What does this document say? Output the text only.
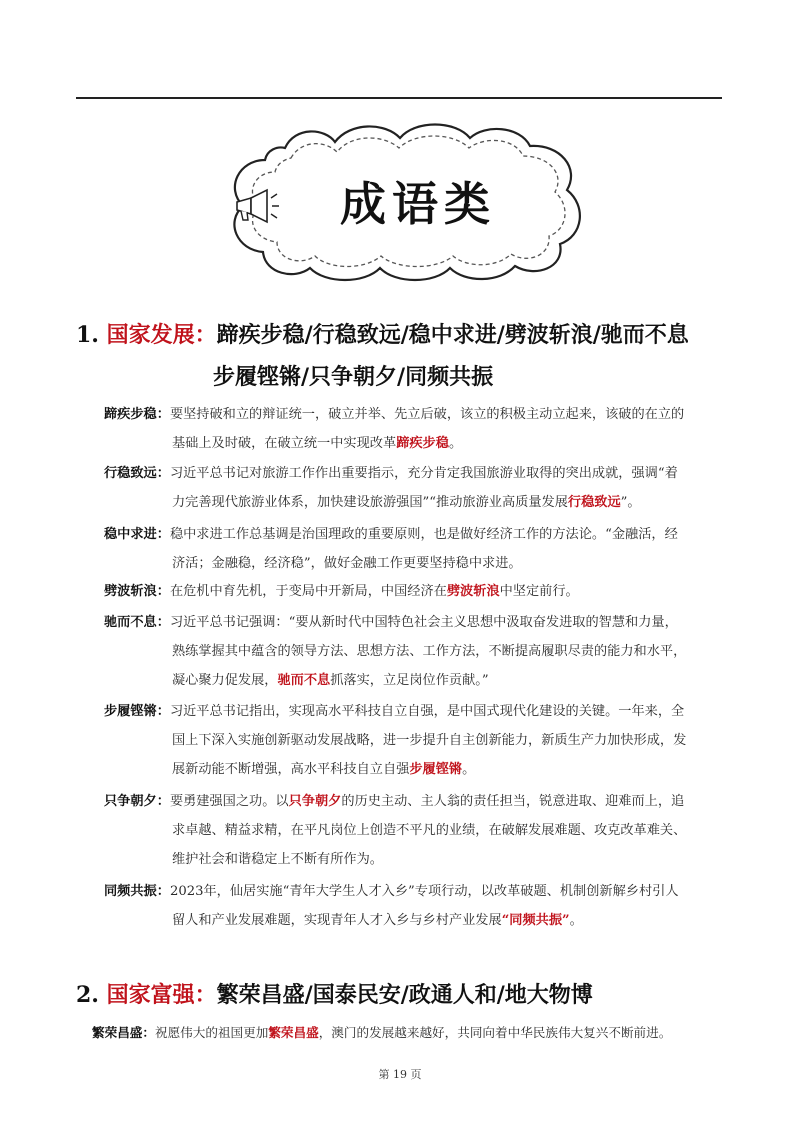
成语类
1. 国家发展：蹄疾步稳/行稳致远/稳中求进/劈波斩浪/驰而不息
步履铿锵/只争朝夕/同频共振
蹄疾步稳：要坚持破和立的辩证统一，破立并举、先立后破，该立的积极主动立起来，该破的在立的
基础上及时破，在破立统一中实现改革蹄疾步稳。
行稳致远：习近平总书记对旅游工作作出重要指示，充分肯定我国旅游业取得的突出成就，强调“着
力完善现代旅游业体系，加快建设旅游强国”“推动旅游业高质量发展行稳致远”。
稳中求进：稳中求进工作总基调是治国理政的重要原则，也是做好经济工作的方法论。“金融活，经
济活；金融稳，经济稳”，做好金融工作更要坚持稳中求进。
劈波斩浪：在危机中育先机，于变局中开新局，中国经济在劈波斩浪中坚定前行。
驰而不息：习近平总书记强调：“要从新时代中国特色社会主义思想中汲取奋发进取的智慧和力量，
熟练掌握其中蕴含的领导方法、思想方法、工作方法，不断提高履职尽责的能力和水平，
凝心聚力促发展，驰而不息抓落实，立足岗位作贡献。”
步履铿锵：习近平总书记指出，实现高水平科技自立自强，是中国式现代化建设的关键。一年来，全
国上下深入实施创新驱动发展战略，进一步提升自主创新能力，新质生产力加快形成，发
展新动能不断增强，高水平科技自立自强步履铿锵。
只争朝夕：要勇建强国之功。以只争朝夕的历史主动、主人翁的责任担当，锐意进取、迎难而上，追
求卓越、精益求精，在平凡岗位上创造不平凡的业绩，在破解发展难题、攻克改革难关、
维护社会和谐稳定上不断有所作为。
同频共振：2023年，仙居实施“青年大学生人才入乡”专项行动，以改革破题、机制创新解乡村引人
留人和产业发展难题，实现青年人才入乡与乡村产业发展“同频共振”。
2. 国家富强：繁荣昌盛/国泰民安/政通人和/地大物博
繁荣昌盛：祝愿伟大的祖国更加繁荣昌盛，澳门的发展越来越好，共同向着中华民族伟大复兴不断前进。
第 19 页
